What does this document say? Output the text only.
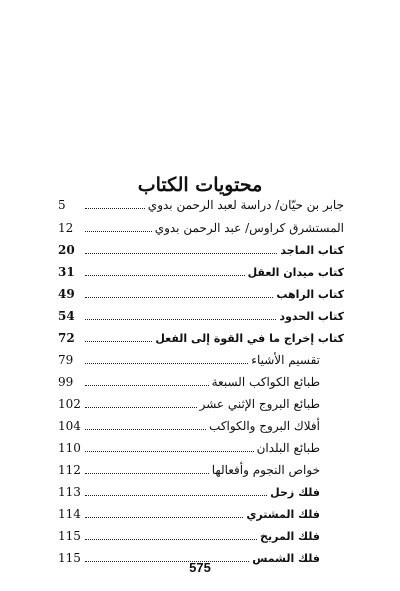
محتويات الكتاب
جابر بن حيّان/ دراسة لعبد الرحمن بدوي
5
المستشرق كراوس/ عبد الرحمن بدوي
12
كتاب الماجد
20
كتاب ميدان العقل
31
كتاب الراهب
49
كتاب الحدود
54
كتاب إخراج ما في القوة إلى الفعل
72
تقسيم الأشياء
79
طبائع الكواكب السبعة
99
طبائع البروج الإثني عشر
102
أفلاك البروج والكواكب
104
طبائع البلدان
110
خواص النجوم وأفعالها
112
فلك زحل
113
فلك المشتري
114
فلك المريخ
115
فلك الشمس
115
575
